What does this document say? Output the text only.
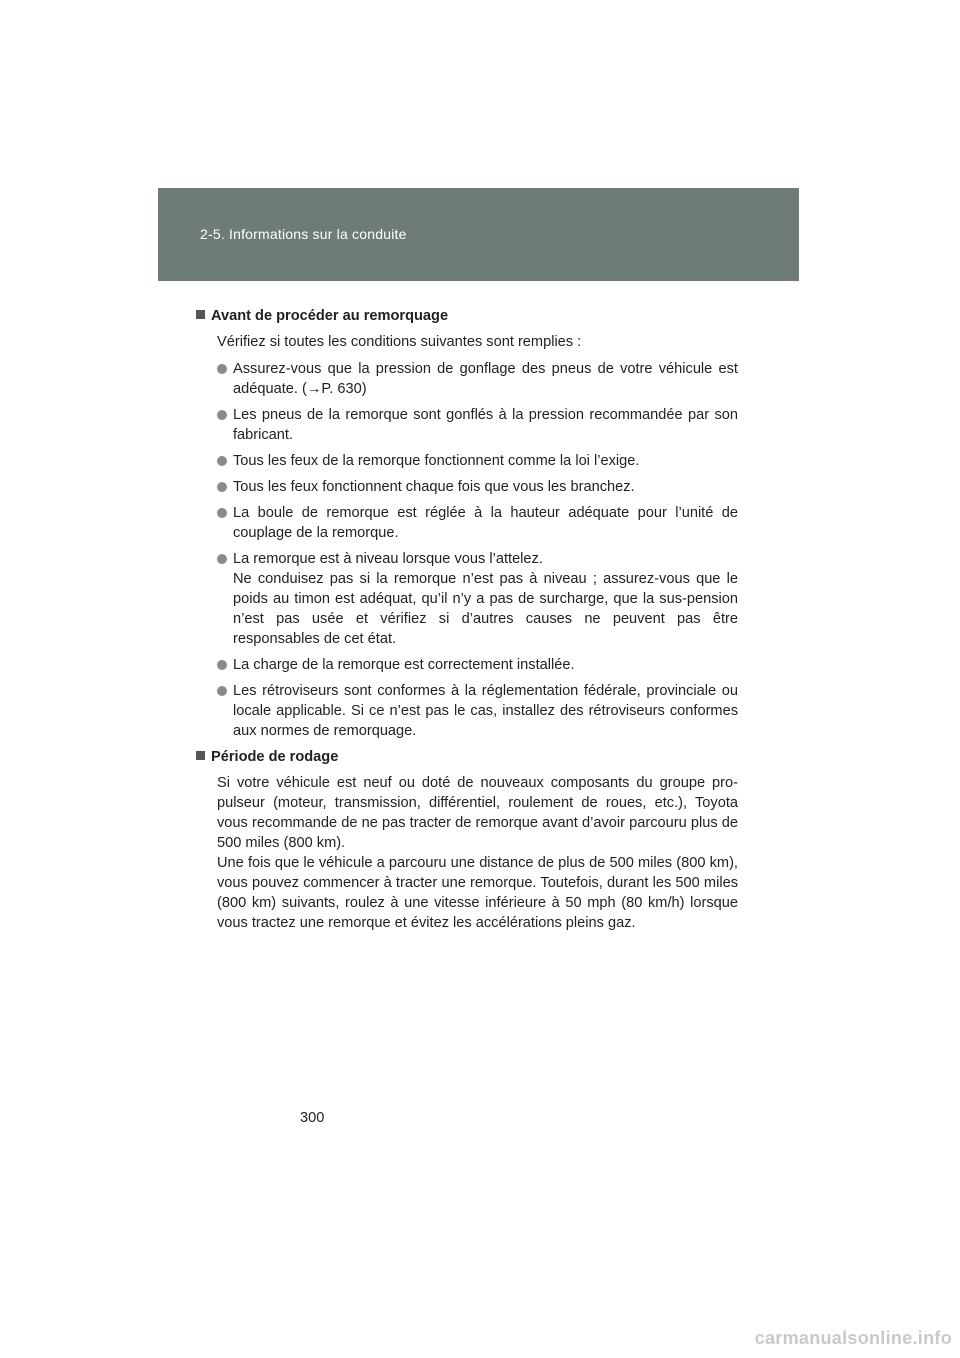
2-5. Informations sur la conduite
Avant de procéder au remorquage
Vérifiez si toutes les conditions suivantes sont remplies :
Assurez-vous que la pression de gonflage des pneus de votre véhicule est adéquate. (→P. 630)
Les pneus de la remorque sont gonflés à la pression recommandée par son fabricant.
Tous les feux de la remorque fonctionnent comme la loi l’exige.
Tous les feux fonctionnent chaque fois que vous les branchez.
La boule de remorque est réglée à la hauteur adéquate pour l’unité de couplage de la remorque.
La remorque est à niveau lorsque vous l’attelez.
Ne conduisez pas si la remorque n’est pas à niveau ; assurez-vous que le poids au timon est adéquat, qu’il n’y a pas de surcharge, que la sus-pension n’est pas usée et vérifiez si d’autres causes ne peuvent pas être responsables de cet état.
La charge de la remorque est correctement installée.
Les rétroviseurs sont conformes à la réglementation fédérale, provinciale ou locale applicable. Si ce n’est pas le cas, installez des rétroviseurs conformes aux normes de remorquage.
Période de rodage

Si votre véhicule est neuf ou doté de nouveaux composants du groupe pro-pulseur (moteur, transmission, différentiel, roulement de roues, etc.), Toyota vous recommande de ne pas tracter de remorque avant d’avoir parcouru plus de 500 miles (800 km).

Une fois que le véhicule a parcouru une distance de plus de 500 miles (800 km), vous pouvez commencer à tracter une remorque. Toutefois, durant les 500 miles (800 km) suivants, roulez à une vitesse inférieure à 50 mph (80 km/h) lorsque vous tractez une remorque et évitez les accélérations pleins gaz.

300
carmanualsonline.info
